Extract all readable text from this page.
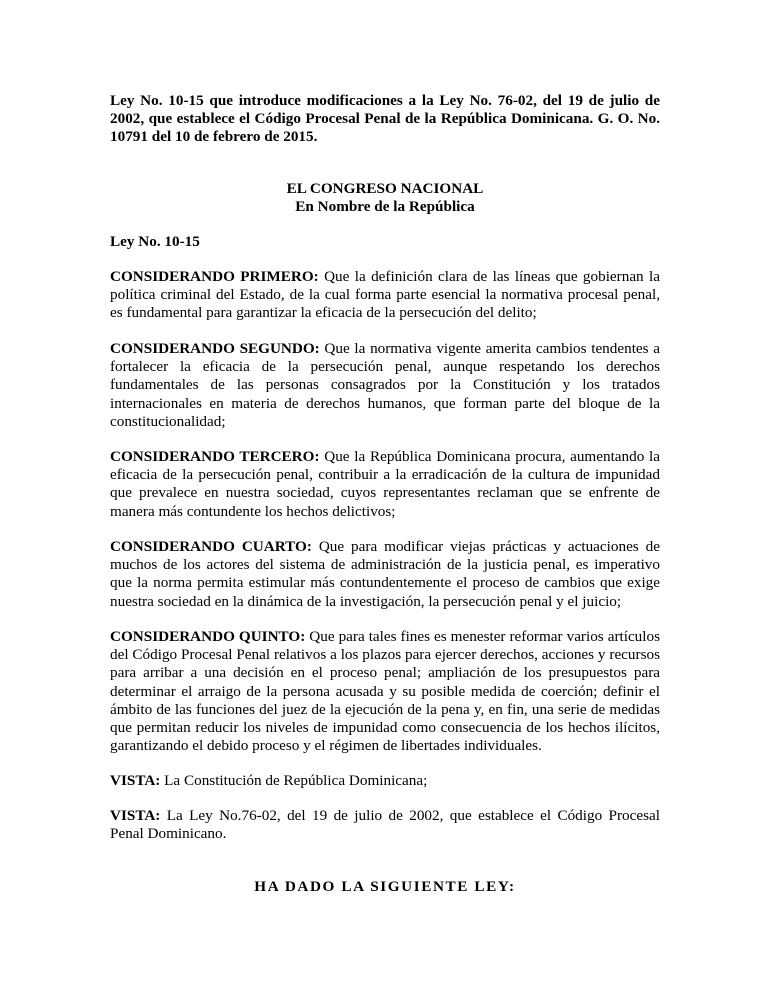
Ley No. 10-15 que introduce modificaciones a la Ley No. 76-02, del 19 de julio de 2002, que establece el Código Procesal Penal de la República Dominicana. G. O. No. 10791 del 10 de febrero de 2015.

EL CONGRESO NACIONAL

En Nombre de la República

Ley No. 10-15

CONSIDERANDO PRIMERO: Que la definición clara de las líneas que gobiernan la política criminal del Estado, de la cual forma parte esencial la normativa procesal penal, es fundamental para garantizar la eficacia de la persecución del delito;

CONSIDERANDO SEGUNDO: Que la normativa vigente amerita cambios tendentes a fortalecer la eficacia de la persecución penal, aunque respetando los derechos fundamentales de las personas consagrados por la Constitución y los tratados internacionales en materia de derechos humanos, que forman parte del bloque de la constitucionalidad;

CONSIDERANDO TERCERO: Que la República Dominicana procura, aumentando la eficacia de la persecución penal, contribuir a la erradicación de la cultura de impunidad que prevalece en nuestra sociedad, cuyos representantes reclaman que se enfrente de manera más contundente los hechos delictivos;

CONSIDERANDO CUARTO: Que para modificar viejas prácticas y actuaciones de muchos de los actores del sistema de administración de la justicia penal, es imperativo que la norma permita estimular más contundentemente el proceso de cambios que exige nuestra sociedad en la dinámica de la investigación, la persecución penal y el juicio;

CONSIDERANDO QUINTO: Que para tales fines es menester reformar varios artículos del Código Procesal Penal relativos a los plazos para ejercer derechos, acciones y recursos para arribar a una decisión en el proceso penal; ampliación de los presupuestos para determinar el arraigo de la persona acusada y su posible medida de coerción; definir el ámbito de las funciones del juez de la ejecución de la pena y, en fin, una serie de medidas que permitan reducir los niveles de impunidad como consecuencia de los hechos ilícitos, garantizando el debido proceso y el régimen de libertades individuales.

VISTA: La Constitución de República Dominicana;

VISTA: La Ley No.76-02, del 19 de julio de 2002, que establece el Código Procesal Penal Dominicano.

HA DADO LA SIGUIENTE LEY:
